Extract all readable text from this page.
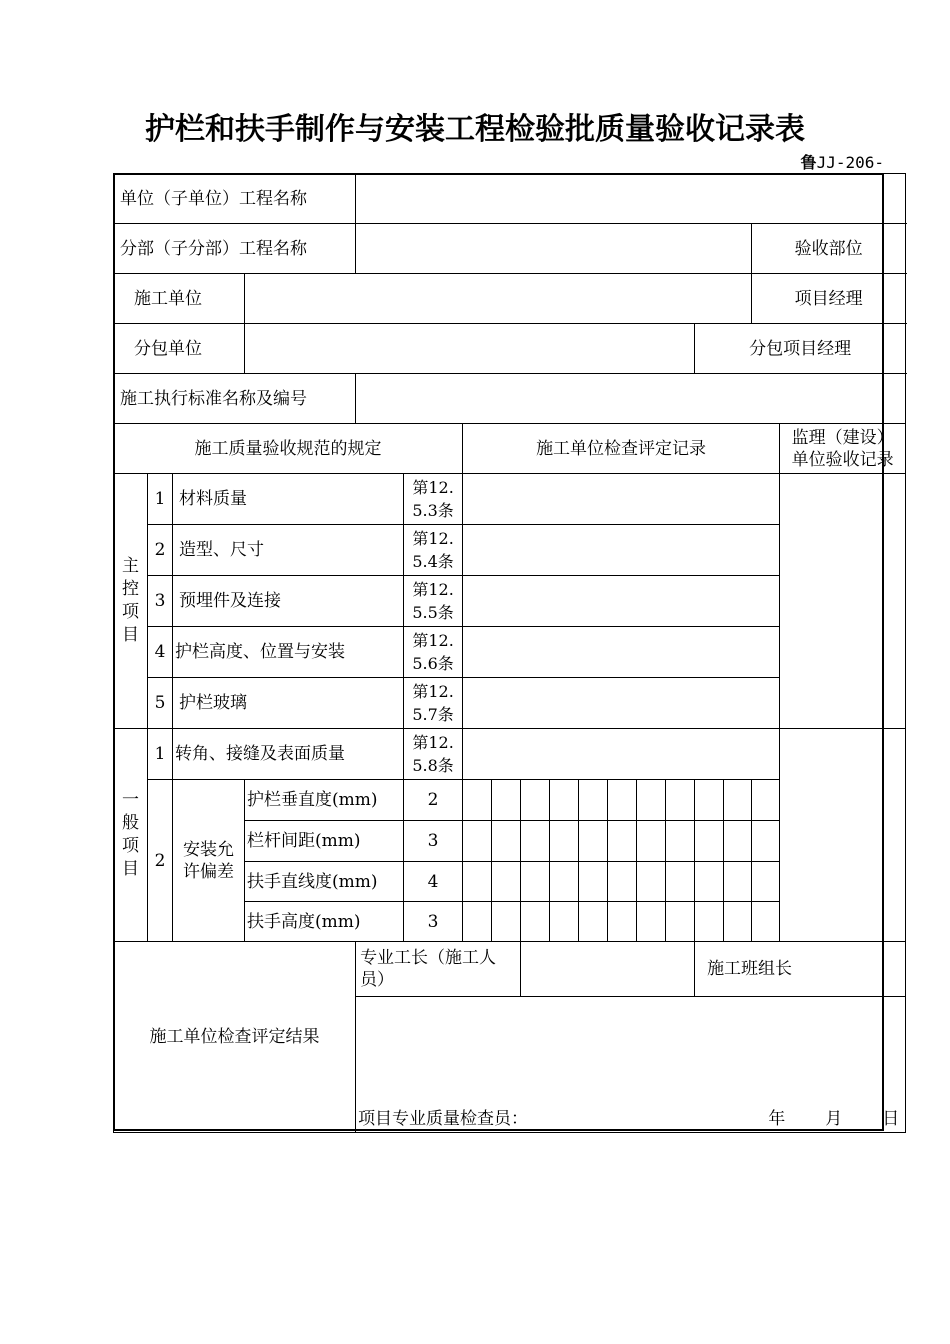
护栏和扶手制作与安装工程检验批质量验收记录表
鲁JJ-206-
单位（子单位）工程名称																		
分部（子分部）工程名称																验收部位		
施工单位																项目经理		
分包单位														分包项目经理				
施工执行标准名称及编号																		
施工质量验收规范的规定						施工单位检查评定记录											监理（建设）
单位验收记录	

主控项目	1	材料质量			第12.5.3条													
	2	造型、尺寸			第12.5.4条													
	3	预埋件及连接			第12.5.5条													
	4	护栏高度、位置与安装			第12.5.6条													
	5	护栏玻璃			第12.5.7条													
一般项目	1	转角、接缝及表面质量			第12.5.8条													
	2	安装允许偏差	护栏垂直度(mm)		2													
			栏杆间距(mm)		3													
			扶手直线度(mm)		4													
			扶手高度(mm)		3													
施工单位检查评定结果				专业工长（施工人员）										施工班组长				

				项目专业质量检查员： 年 月 日														
